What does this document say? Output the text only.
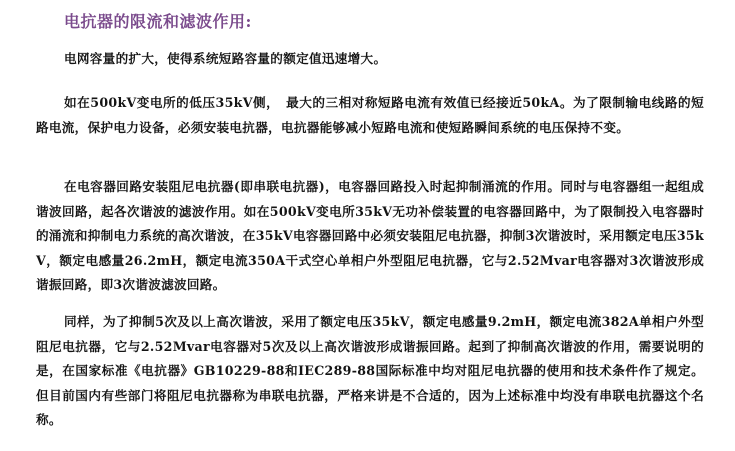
电抗器的限流和滤波作用:

电网容量的扩大，使得系统短路容量的额定值迅速增大。

如在500kV变电所的低压35kV侧，　最大的三相对称短路电流有效值已经接近50kA。为了限制输电线路的短路电流，保护电力设备，必须安装电抗器，电抗器能够减小短路电流和使短路瞬间系统的电压保持不变。

在电容器回路安装阻尼电抗器(即串联电抗器)，电容器回路投入时起抑制涌流的作用。同时与电容器组一起组成谐波回路，起各次谐波的滤波作用。如在500kV变电所35kV无功补偿装置的电容器回路中，为了限制投入电容器时的涌流和抑制电力系统的高次谐波，在35kV电容器回路中必须安装阻尼电抗器，抑制3次谐波时，采用额定电压35kV，额定电感量26.2mH，额定电流350A干式空心单相户外型阻尼电抗器，它与2.52Mvar电容器对3次谐波形成谐振回路，即3次谐波滤波回路。

同样，为了抑制5次及以上高次谐波，采用了额定电压35kV，额定电感量9.2mH，额定电流382A单相户外型阻尼电抗器，它与2.52Mvar电容器对5次及以上高次谐波形成谐振回路。起到了抑制高次谐波的作用，需要说明的是，在国家标准《电抗器》GB10229-88和IEC289-88国际标准中均对阻尼电抗器的使用和技术条件作了规定。但目前国内有些部门将阻尼电抗器称为串联电抗器，严格来讲是不合适的，因为上述标准中均没有串联电抗器这个名称。
